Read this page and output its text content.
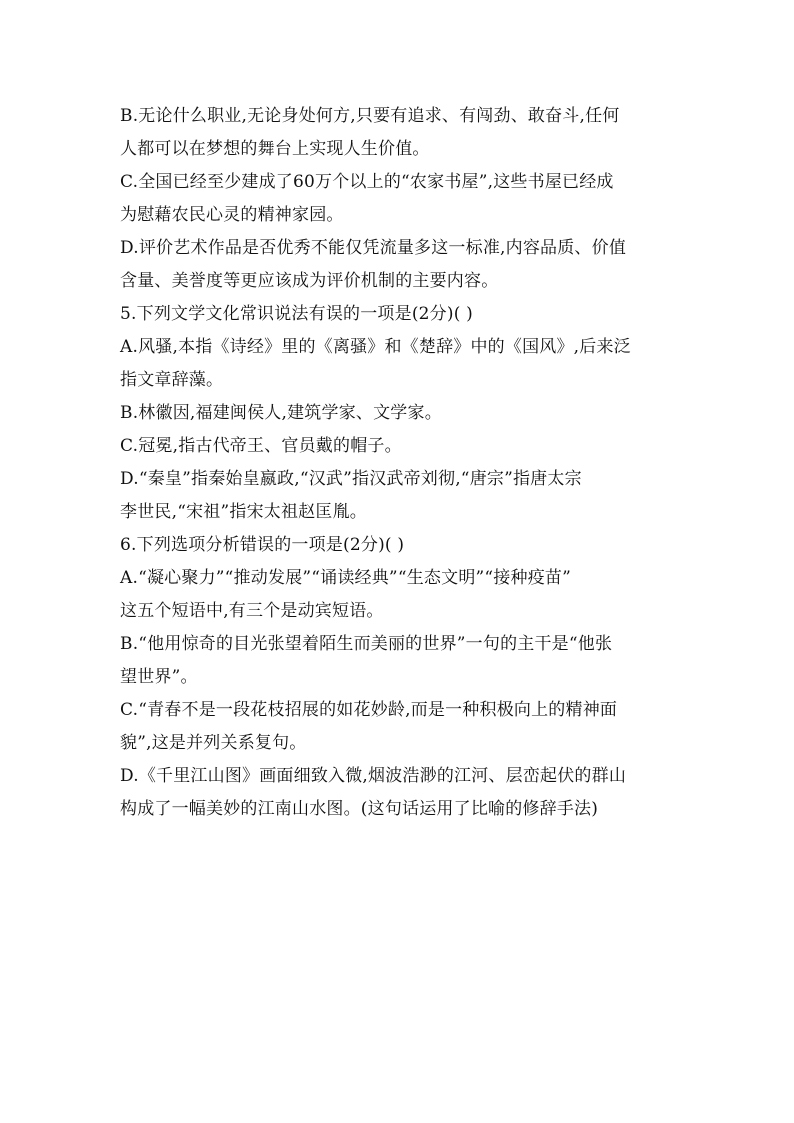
B.无论什么职业,无论身处何方,只要有追求、有闯劲、敢奋斗,任何
人都可以在梦想的舞台上实现人生价值。
C.全国已经至少建成了60万个以上的“农家书屋”,这些书屋已经成
为慰藉农民心灵的精神家园。
D.评价艺术作品是否优秀不能仅凭流量多这一标准,内容品质、价值
含量、美誉度等更应该成为评价机制的主要内容。
5.下列文学文化常识说法有误的一项是(2分)( )
A.风骚,本指《诗经》里的《离骚》和《楚辞》中的《国风》,后来泛
指文章辞藻。
B.林徽因,福建闽侯人,建筑学家、文学家。
C.冠冕,指古代帝王、官员戴的帽子。
D.“秦皇”指秦始皇嬴政,“汉武”指汉武帝刘彻,“唐宗”指唐太宗
李世民,“宋祖”指宋太祖赵匡胤。
6.下列选项分析错误的一项是(2分)( )
A.“凝心聚力”“推动发展”“诵读经典”“生态文明”“接种疫苗”
这五个短语中,有三个是动宾短语。
B.“他用惊奇的目光张望着陌生而美丽的世界”一句的主干是“他张
望世界”。
C.“青春不是一段花枝招展的如花妙龄,而是一种积极向上的精神面
貌”,这是并列关系复句。
D.《千里江山图》画面细致入微,烟波浩渺的江河、层峦起伏的群山
构成了一幅美妙的江南山水图。(这句话运用了比喻的修辞手法)
